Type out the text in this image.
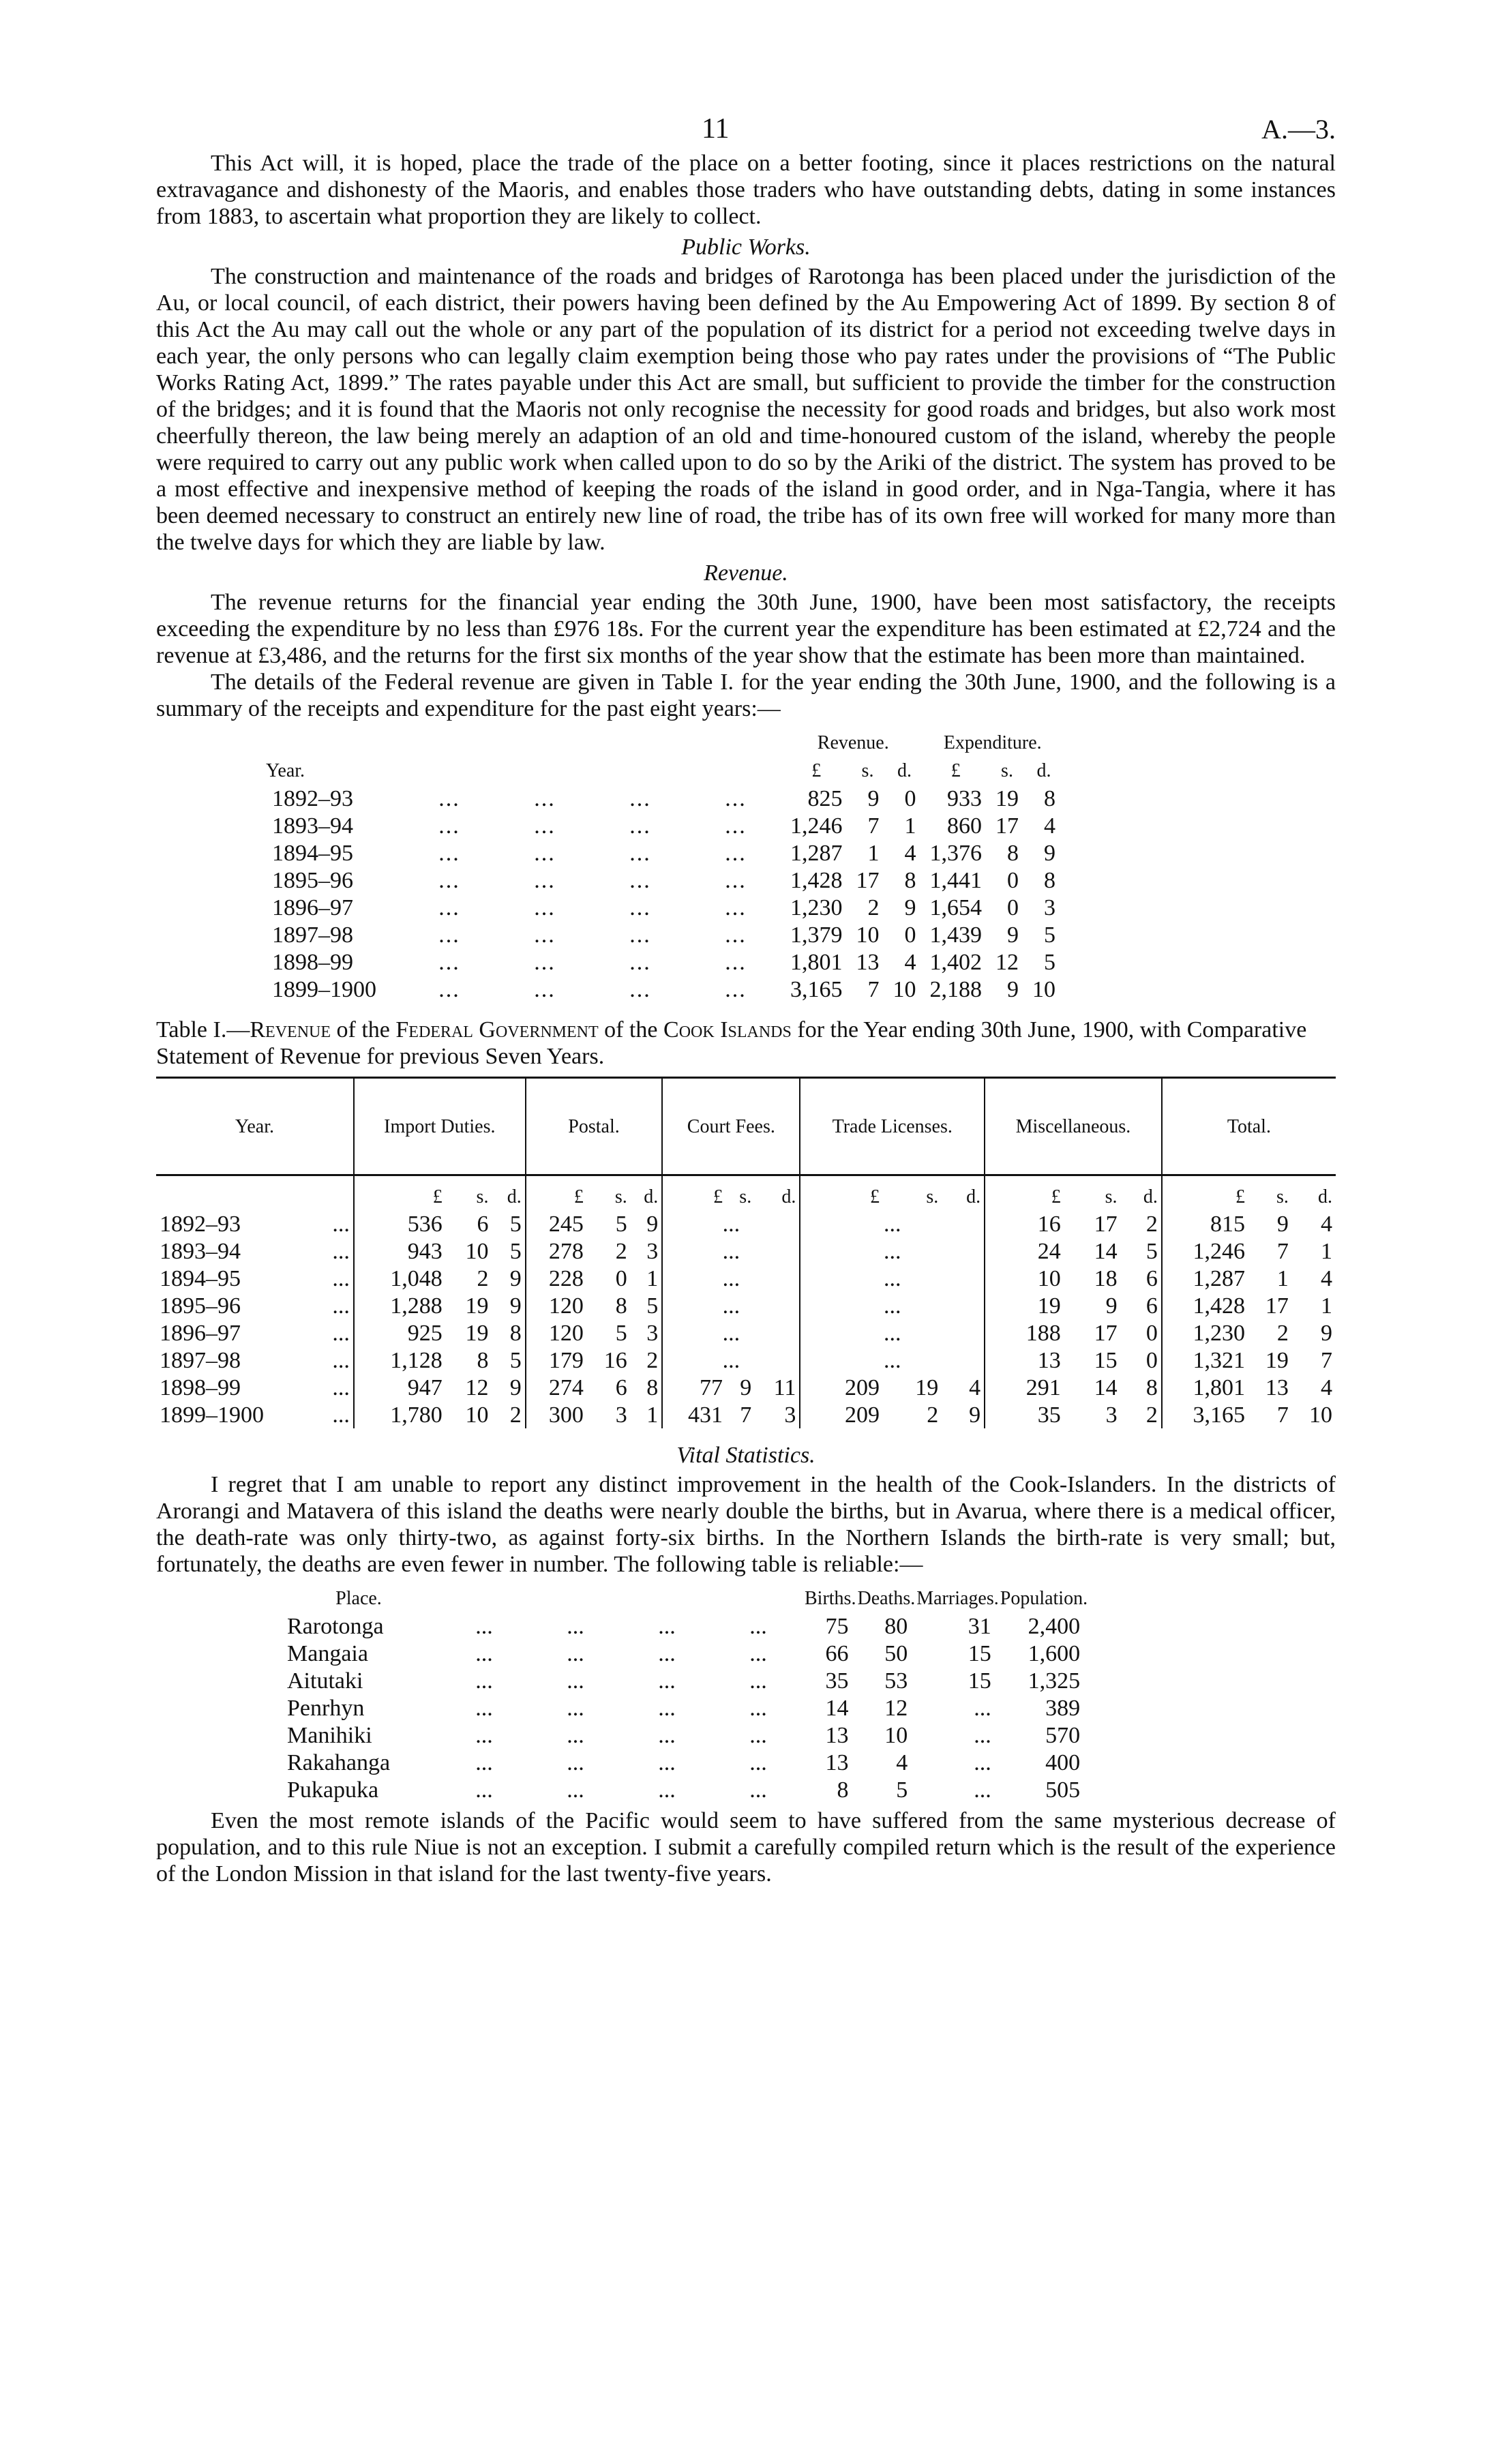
11	A.—3.

This Act will, it is hoped, place the trade of the place on a better footing, since it places restrictions on the natural extravagance and dishonesty of the Maoris, and enables those traders who have outstanding debts, dating in some instances from 1883, to ascertain what proportion they are likely to collect.

Public Works.

The construction and maintenance of the roads and bridges of Rarotonga has been placed under the jurisdiction of the Au, or local council, of each district, their powers having been defined by the Au Empowering Act of 1899. By section 8 of this Act the Au may call out the whole or any part of the population of its district for a period not exceeding twelve days in each year, the only persons who can legally claim exemption being those who pay rates under the provisions of “The Public Works Rating Act, 1899.” The rates payable under this Act are small, but sufficient to provide the timber for the construction of the bridges; and it is found that the Maoris not only recognise the necessity for good roads and bridges, but also work most cheerfully thereon, the law being merely an adaption of an old and time-honoured custom of the island, whereby the people were required to carry out any public work when called upon to do so by the Ariki of the district. The system has proved to be a most effective and inexpensive method of keeping the roads of the island in good order, and in Nga-Tangia, where it has been deemed necessary to construct an entirely new line of road, the tribe has of its own free will worked for many more than the twelve days for which they are liable by law.

Revenue.

The revenue returns for the financial year ending the 30th June, 1900, have been most satisfactory, the receipts exceeding the expenditure by no less than £976 18s. For the current year the expenditure has been estimated at £2,724 and the revenue at £3,486, and the returns for the first six months of the year show that the estimate has been more than maintained.

The details of the Federal revenue are given in Table I. for the year ending the 30th June, 1900, and the following is a summary of the receipts and expenditure for the past eight years:—

					Revenue.			Expenditure.		
Year.					£	s.	d.	£	s.	d.
1892–93	...	...	...	...	825	9	0	933	19	8
1893–94	...	...	...	...	1,246	7	1	860	17	4
1894–95	...	...	...	...	1,287	1	4	1,376	8	9
1895–96	...	...	...	...	1,428	17	8	1,441	0	8
1896–97	...	...	...	...	1,230	2	9	1,654	0	3
1897–98	...	...	...	...	1,379	10	0	1,439	9	5
1898–99	...	...	...	...	1,801	13	4	1,402	12	5
1899–1900	...	...	...	...	3,165	7	10	2,188	9	10

Table I.—Revenue of the Federal Government of the Cook Islands for the Year ending 30th June, 1900, with Comparative Statement of Revenue for previous Seven Years.

Year.		Import Duties.			Postal.			Court Fees.			Trade Licenses.			Miscellaneous.			Total.		
		£	s.	d.	£	s.	d.	£	s.	d.	£	s.	d.	£	s.	d.	£	s.	d.
1892–93	...	536	6	5	245	5	9	...			...			16	17	2	815	9	4
1893–94	...	943	10	5	278	2	3	...			...			24	14	5	1,246	7	1
1894–95	...	1,048	2	9	228	0	1	...			...			10	18	6	1,287	1	4
1895–96	...	1,288	19	9	120	8	5	...			...			19	9	6	1,428	17	1
1896–97	...	925	19	8	120	5	3	...			...			188	17	0	1,230	2	9
1897–98	...	1,128	8	5	179	16	2	...			...			13	15	0	1,321	19	7
1898–99	...	947	12	9	274	6	8	77	9	11	209	19	4	291	14	8	1,801	13	4
1899–1900	...	1,780	10	2	300	3	1	431	7	3	209	2	9	35	3	2	3,165	7	10
Vital Statistics.

I regret that I am unable to report any distinct improvement in the health of the Cook-Islanders. In the districts of Arorangi and Matavera of this island the deaths were nearly double the births, but in Avarua, where there is a medical officer, the death-rate was only thirty-two, as against forty-six births. In the Northern Islands the birth-rate is very small; but, fortunately, the deaths are even fewer in number. The following table is reliable:—

Place.					Births.	Deaths.	Marriages.	Population.
Rarotonga	...	...	...	...	75	80	31	2,400
Mangaia	...	...	...	...	66	50	15	1,600
Aitutaki	...	...	...	...	35	53	15	1,325
Penrhyn	...	...	...	...	14	12	...	389
Manihiki	...	...	...	...	13	10	...	570
Rakahanga	...	...	...	...	13	4	...	400
Pukapuka	...	...	...	...	8	5	...	505

Even the most remote islands of the Pacific would seem to have suffered from the same mysterious decrease of population, and to this rule Niue is not an exception. I submit a carefully compiled return which is the result of the experience of the London Mission in that island for the last twenty-five years.
